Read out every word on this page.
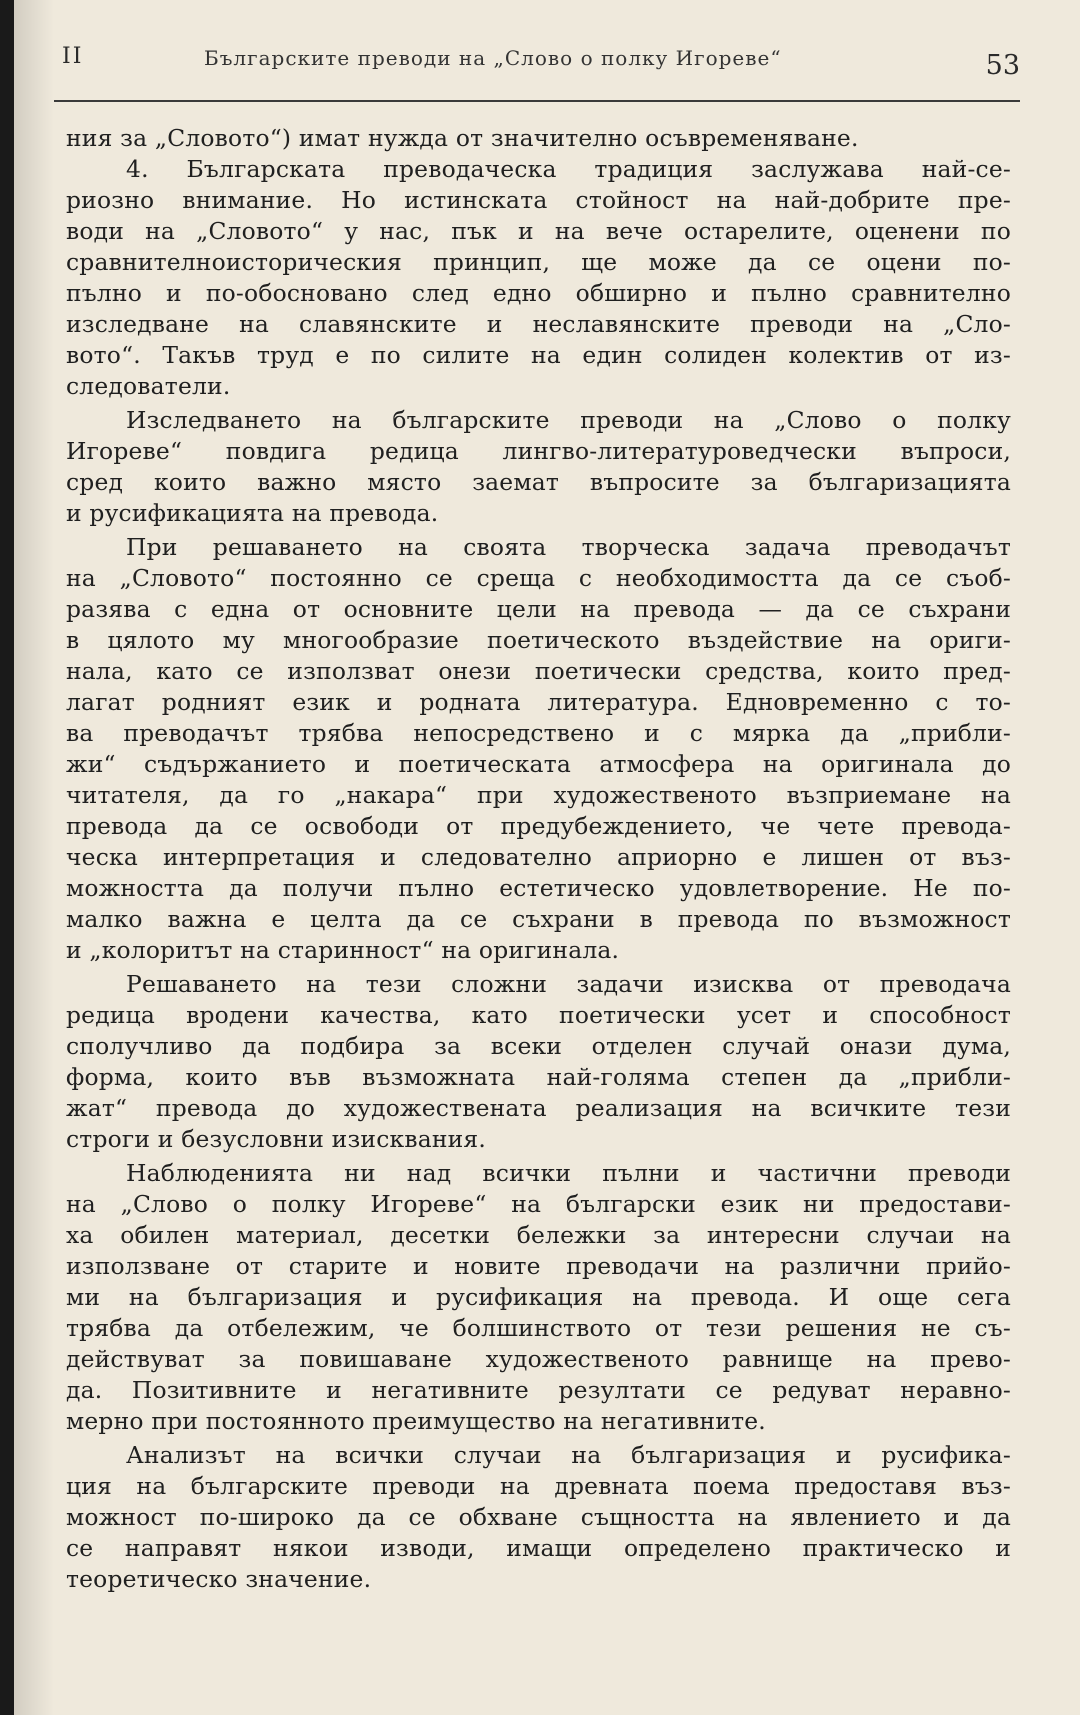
II	Българските преводи на „Слово о полку Игореве“	53
ния за „Словото“) имат нужда от значително осъвременяване.
4. Българската преводаческа традиция заслужава най-се-
риозно внимание. Но истинската стойност на най-добрите пре-
води на „Словото“ у нас, пък и на вече остарелите, оценени по
сравнителноисторическия принцип, ще може да се оцени по-
пълно и по-обосновано след едно обширно и пълно сравнително
изследване на славянските и неславянските преводи на „Сло-
вото“. Такъв труд е по силите на един солиден колектив от из-
следователи.
Изследването на българските преводи на „Слово о полку
Игореве“ повдига редица лингво-литературоведчески въпроси,
сред които важно място заемат въпросите за българизацията
и русификацията на превода.
При решаването на своята творческа задача преводачът
на „Словото“ постоянно се среща с необходимостта да се съоб-
разява с една от основните цели на превода — да се съхрани
в цялото му многообразие поетическото въздействие на ориги-
нала, като се използват онези поетически средства, които пред-
лагат родният език и родната литература. Едновременно с то-
ва преводачът трябва непосредствено и с мярка да „прибли-
жи“ съдържанието и поетическата атмосфера на оригинала до
читателя, да го „накара“ при художественото възприемане на
превода да се освободи от предубеждението, че чете превода-
ческа интерпретация и следователно априорно е лишен от въз-
можността да получи пълно естетическо удовлетворение. Не по-
малко важна е целта да се съхрани в превода по възможност
и „колоритът на старинност“ на оригинала.
Решаването на тези сложни задачи изисква от преводача
редица вродени качества, като поетически усет и способност
сполучливо да подбира за всеки отделен случай онази дума,
форма, които във възможната най-голяма степен да „прибли-
жат“ превода до художествената реализация на всичките тези
строги и безусловни изисквания.
Наблюденията ни над всички пълни и частични преводи
на „Слово о полку Игореве“ на български език ни предостави-
ха обилен материал, десетки бележки за интересни случаи на
използване от старите и новите преводачи на различни прийо-
ми на българизация и русификация на превода. И още сега
трябва да отбележим, че болшинството от тези решения не съ-
действуват за повишаване художественото равнище на прево-
да. Позитивните и негативните резултати се редуват неравно-
мерно при постоянното преимущество на негативните.
Анализът на всички случаи на българизация и русифика-
ция на българските преводи на древната поема предоставя въз-
можност по-широко да се обхване същността на явлението и да
се направят някои изводи, имащи определено практическо и
теоретическо значение.
